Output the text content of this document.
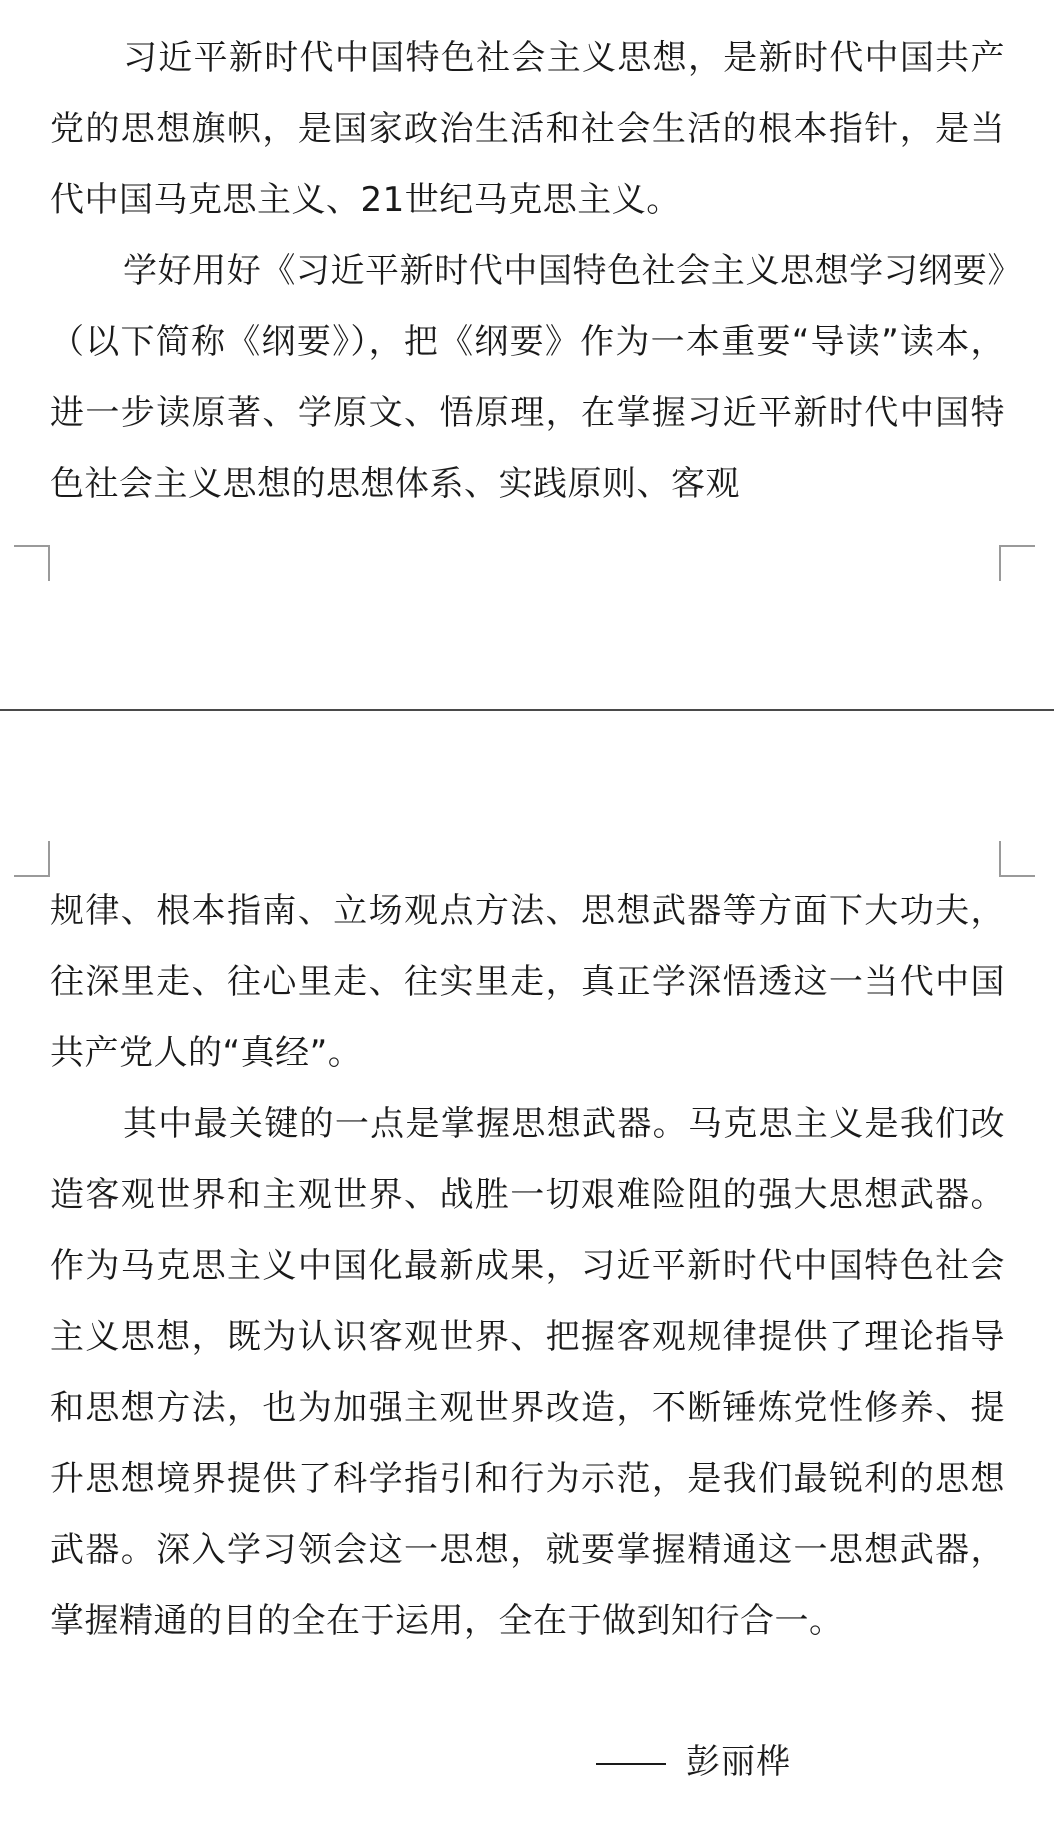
习近平新时代中国特色社会主义思想，是新时代中国共产党的思想旗帜，是国家政治生活和社会生活的根本指针，是当代中国马克思主义、21世纪马克思主义。

学好用好《习近平新时代中国特色社会主义思想学习纲要》（以下简称《纲要》），把《纲要》作为一本重要“导读”读本，进一步读原著、学原文、悟原理，在掌握习近平新时代中国特色社会主义思想的思想体系、实践原则、客观

规律、根本指南、立场观点方法、思想武器等方面下大功夫，往深里走、往心里走、往实里走，真正学深悟透这一当代中国共产党人的“真经”。

其中最关键的一点是掌握思想武器。马克思主义是我们改造客观世界和主观世界、战胜一切艰难险阻的强大思想武器。作为马克思主义中国化最新成果，习近平新时代中国特色社会主义思想，既为认识客观世界、把握客观规律提供了理论指导和思想方法，也为加强主观世界改造，不断锤炼党性修养、提升思想境界提供了科学指引和行为示范，是我们最锐利的思想武器。深入学习领会这一思想，就要掌握精通这一思想武器，掌握精通的目的全在于运用，全在于做到知行合一。

彭丽桦
